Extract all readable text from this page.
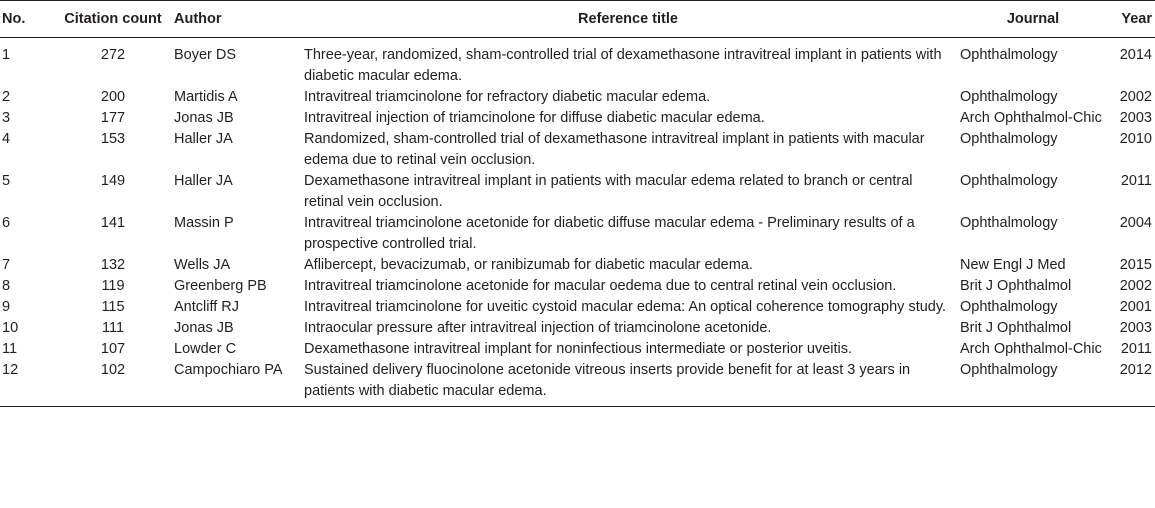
No.	Citation count	Author	Reference title	Journal	Year
1	272	Boyer DS	Three-year, randomized, sham-controlled trial of dexamethasone intravitreal implant in patients with diabetic macular edema.	Ophthalmology	2014
2	200	Martidis A	Intravitreal triamcinolone for refractory diabetic macular edema.	Ophthalmology	2002
3	177	Jonas JB	Intravitreal injection of triamcinolone for diffuse diabetic macular edema.	Arch Ophthalmol-Chic	2003
4	153	Haller JA	Randomized, sham-controlled trial of dexamethasone intravitreal implant in patients with macular edema due to retinal vein occlusion.	Ophthalmology	2010
5	149	Haller JA	Dexamethasone intravitreal implant in patients with macular edema related to branch or central retinal vein occlusion.	Ophthalmology	2011
6	141	Massin P	Intravitreal triamcinolone acetonide for diabetic diffuse macular edema - Preliminary results of a prospective controlled trial.	Ophthalmology	2004
7	132	Wells JA	Aflibercept, bevacizumab, or ranibizumab for diabetic macular edema.	New Engl J Med	2015
8	119	Greenberg PB	Intravitreal triamcinolone acetonide for macular oedema due to central retinal vein occlusion.	Brit J Ophthalmol	2002
9	115	Antcliff RJ	Intravitreal triamcinolone for uveitic cystoid macular edema: An optical coherence tomography study.	Ophthalmology	2001
10	111	Jonas JB	Intraocular pressure after intravitreal injection of triamcinolone acetonide.	Brit J Ophthalmol	2003
11	107	Lowder C	Dexamethasone intravitreal implant for noninfectious intermediate or posterior uveitis.	Arch Ophthalmol-Chic	2011
12	102	Campochiaro PA	Sustained delivery fluocinolone acetonide vitreous inserts provide benefit for at least 3 years in patients with diabetic macular edema.	Ophthalmology	2012
